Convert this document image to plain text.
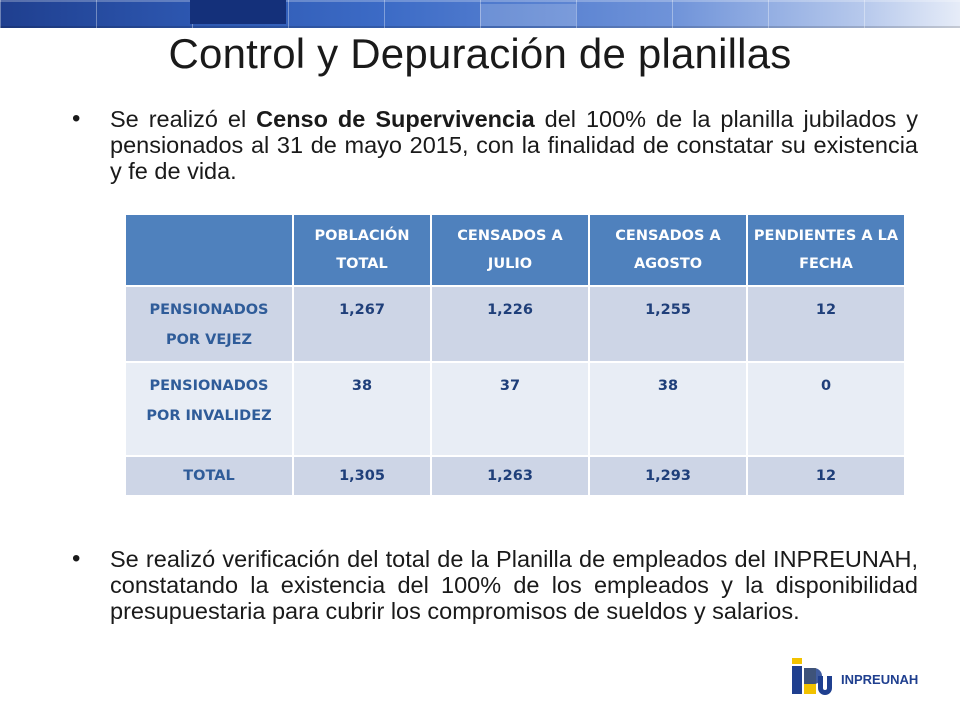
Control y Depuración de planillas
• Se realizó el Censo de Supervivencia del 100% de la planilla jubilados y pensionados al 31 de mayo 2015, con la finalidad de constatar su existencia y fe de vida.
	POBLACIÓN TOTAL	CENSADOS A JULIO	CENSADOS A AGOSTO	PENDIENTES A LA FECHA
PENSIONADOS POR VEJEZ	1,267	1,226	1,255	12
PENSIONADOS POR INVALIDEZ	38	37	38	0
TOTAL	1,305	1,263	1,293	12
• Se realizó verificación del total de la Planilla de empleados del INPREUNAH, constatando la existencia del 100% de los empleados y la disponibilidad presupuestaria para cubrir los compromisos de sueldos y salarios.
INPREUNAH
